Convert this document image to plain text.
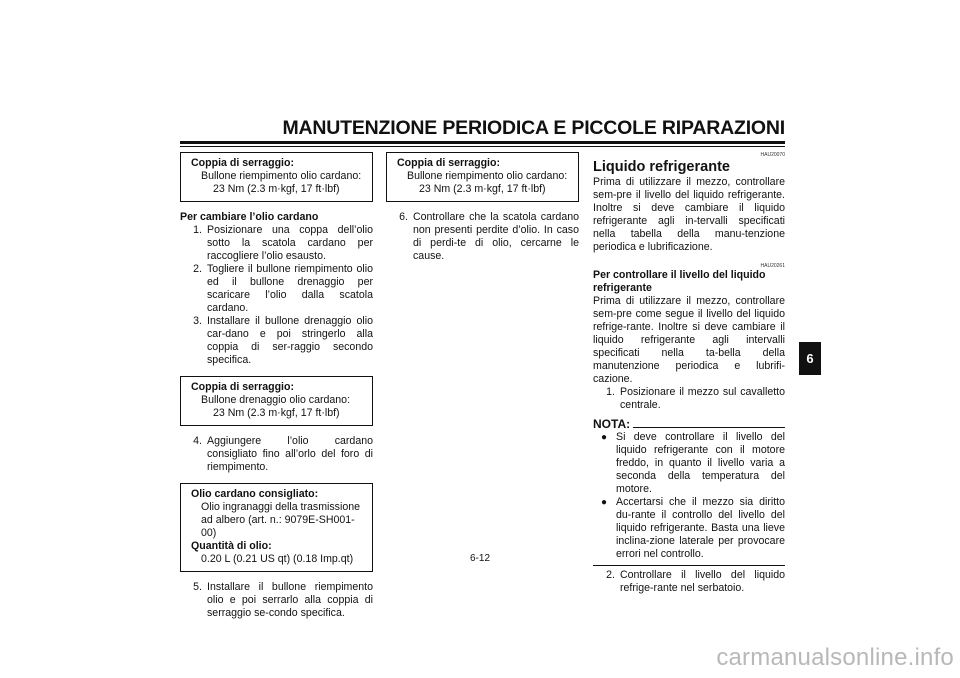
MANUTENZIONE PERIODICA E PICCOLE RIPARAZIONI
6
Coppia di serraggio:
Bullone riempimento olio cardano:
23 Nm (2.3 m·kgf, 17 ft·lbf)
Per cambiare l’olio cardano
1. Posizionare una coppa dell’olio sotto la scatola cardano per raccogliere l’olio esausto.
2. Togliere il bullone riempimento olio ed il bullone drenaggio per scaricare l’olio dalla scatola cardano.
3. Installare il bullone drenaggio olio car-dano e poi stringerlo alla coppia di ser-raggio secondo specifica.
Coppia di serraggio:
Bullone drenaggio olio cardano:
23 Nm (2.3 m·kgf, 17 ft·lbf)
4. Aggiungere l’olio cardano consigliato fino all’orlo del foro di riempimento.
Olio cardano consigliato:
Olio ingranaggi della trasmissione ad albero (art. n.: 9079E-SH001-00)
Quantità di olio:
0.20 L (0.21 US qt) (0.18 Imp.qt)
5. Installare il bullone riempimento olio e poi serrarlo alla coppia di serraggio se-condo specifica.
Coppia di serraggio:
Bullone riempimento olio cardano:
23 Nm (2.3 m·kgf, 17 ft·lbf)
6. Controllare che la scatola cardano non presenti perdite d’olio. In caso di perdi-te di olio, cercarne le cause.
HAU20070
Liquido refrigerante
Prima di utilizzare il mezzo, controllare sem-pre il livello del liquido refrigerante. Inoltre si deve cambiare il liquido refrigerante agli in-tervalli specificati nella tabella della manu-tenzione periodica e lubrificazione.
HAU20261
Per controllare il livello del liquido refrigerante
Prima di utilizzare il mezzo, controllare sem-pre come segue il livello del liquido refrige-rante. Inoltre si deve cambiare il liquido refrigerante agli intervalli specificati nella ta-bella della manutenzione periodica e lubrifi-cazione.
1. Posizionare il mezzo sul cavalletto centrale.
NOTA:
● Si deve controllare il livello del liquido refrigerante con il motore freddo, in quanto il livello varia a seconda della temperatura del motore.
● Accertarsi che il mezzo sia diritto du-rante il controllo del livello del liquido refrigerante. Basta una lieve inclina-zione laterale per provocare errori nel controllo.
2. Controllare il livello del liquido refrige-rante nel serbatoio.
6-12
carmanualsonline.info
